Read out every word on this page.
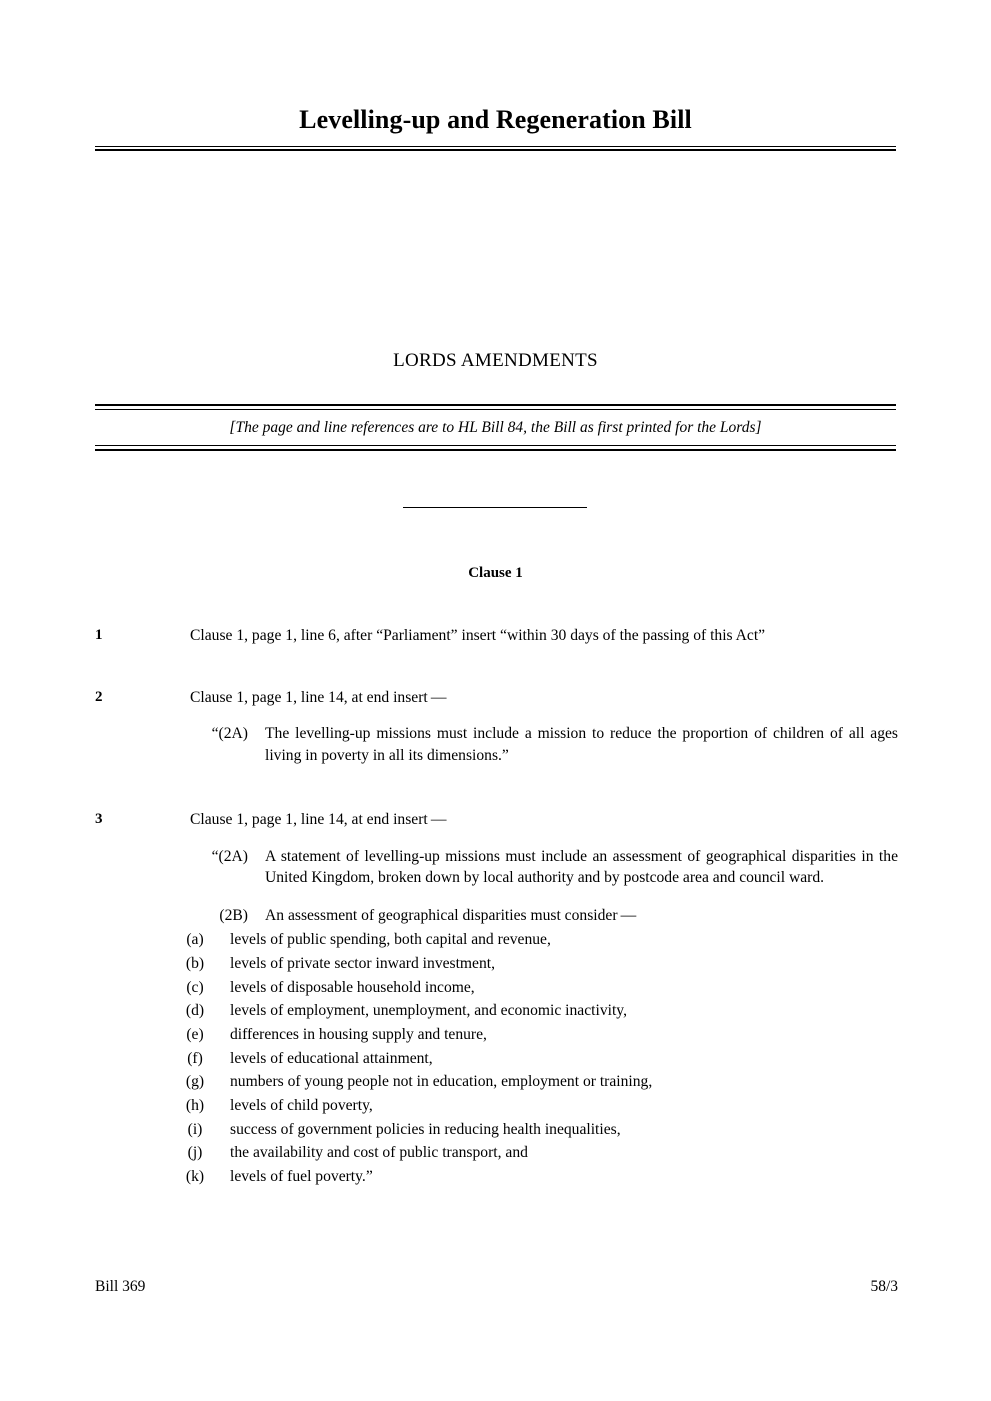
Levelling-up and Regeneration Bill
LORDS AMENDMENTS
[The page and line references are to HL Bill 84, the Bill as first printed for the Lords]
Clause 1
1	Clause 1, page 1, line 6, after “Parliament” insert “within 30 days of the passing of this Act”
2	Clause 1, page 1, line 14, at end insert —
“(2A) The levelling-up missions must include a mission to reduce the proportion of children of all ages living in poverty in all its dimensions.”
3	Clause 1, page 1, line 14, at end insert —
“(2A) A statement of levelling-up missions must include an assessment of geographical disparities in the United Kingdom, broken down by local authority and by postcode area and council ward.
(2B) An assessment of geographical disparities must consider —
(a)	levels of public spending, both capital and revenue,
(b)	levels of private sector inward investment,
(c)	levels of disposable household income,
(d)	levels of employment, unemployment, and economic inactivity,
(e)	differences in housing supply and tenure,
(f)	levels of educational attainment,
(g)	numbers of young people not in education, employment or training,
(h)	levels of child poverty,
(i)	success of government policies in reducing health inequalities,
(j)	the availability and cost of public transport, and
(k)	levels of fuel poverty.”
Bill 369	58/3
